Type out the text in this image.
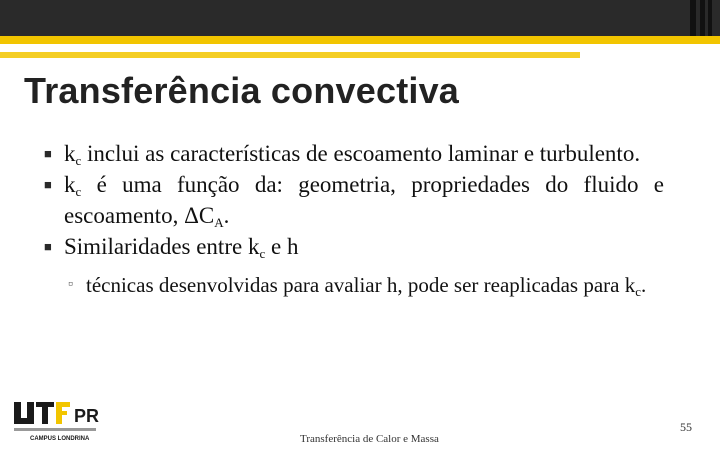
Transferência convectiva
■ $k_c$ inclui as características de escoamento laminar e turbulento.
■ $k_c$ é uma função da: geometria, propriedades do fluido e escoamento, $\Delta C_A$.
■ Similaridades entre $k_c$ e h
▫ técnicas desenvolvidas para avaliar h, pode ser reaplicadas para $k_c$.
PR
CAMPUS LONDRINA	Transferência de Calor e Massa
55
